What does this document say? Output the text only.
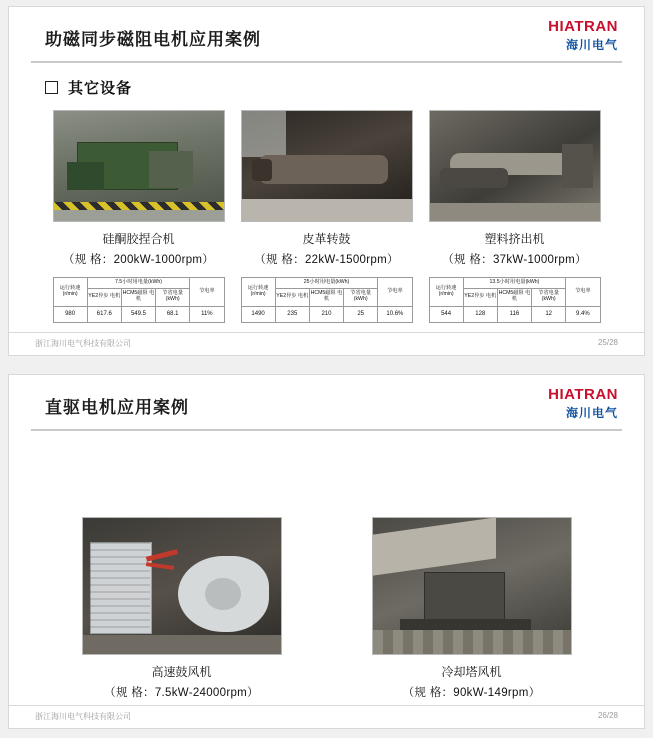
助磁同步磁阻电机应用案例
HIATRAN
海川电气
其它设备
硅酮胶捏合机
（规 格：200kW-1000rpm）
运行转速 (r/min)	7.5小时用电量(kWh)			节电率
	YE2异步 电机	HCM5磁阻 电机	节省电量 (kWh)	
980	617.6	549.5	68.1	11%
皮革转鼓
（规 格：22kW-1500rpm）
运行转速 (r/min)	25小时用电量(kWh)			节电率
	YE2异步 电机	HCM5磁阻 电机	节省电量 (kWh)	
1490	235	210	25	10.6%
塑料挤出机
（规 格：37kW-1000rpm）
运行转速 (r/min)	13.5小时用电量(kWh)			节电率
	YE2异步 电机	HCM5磁阻 电机	节省电量 (kWh)	
544	128	116	12	9.4%
浙江海川电气科技有限公司	25/28
直驱电机应用案例
HIATRAN
海川电气
高速鼓风机
（规 格：7.5kW-24000rpm）
冷却塔风机
（规 格：90kW-149rpm）
浙江海川电气科技有限公司	26/28
